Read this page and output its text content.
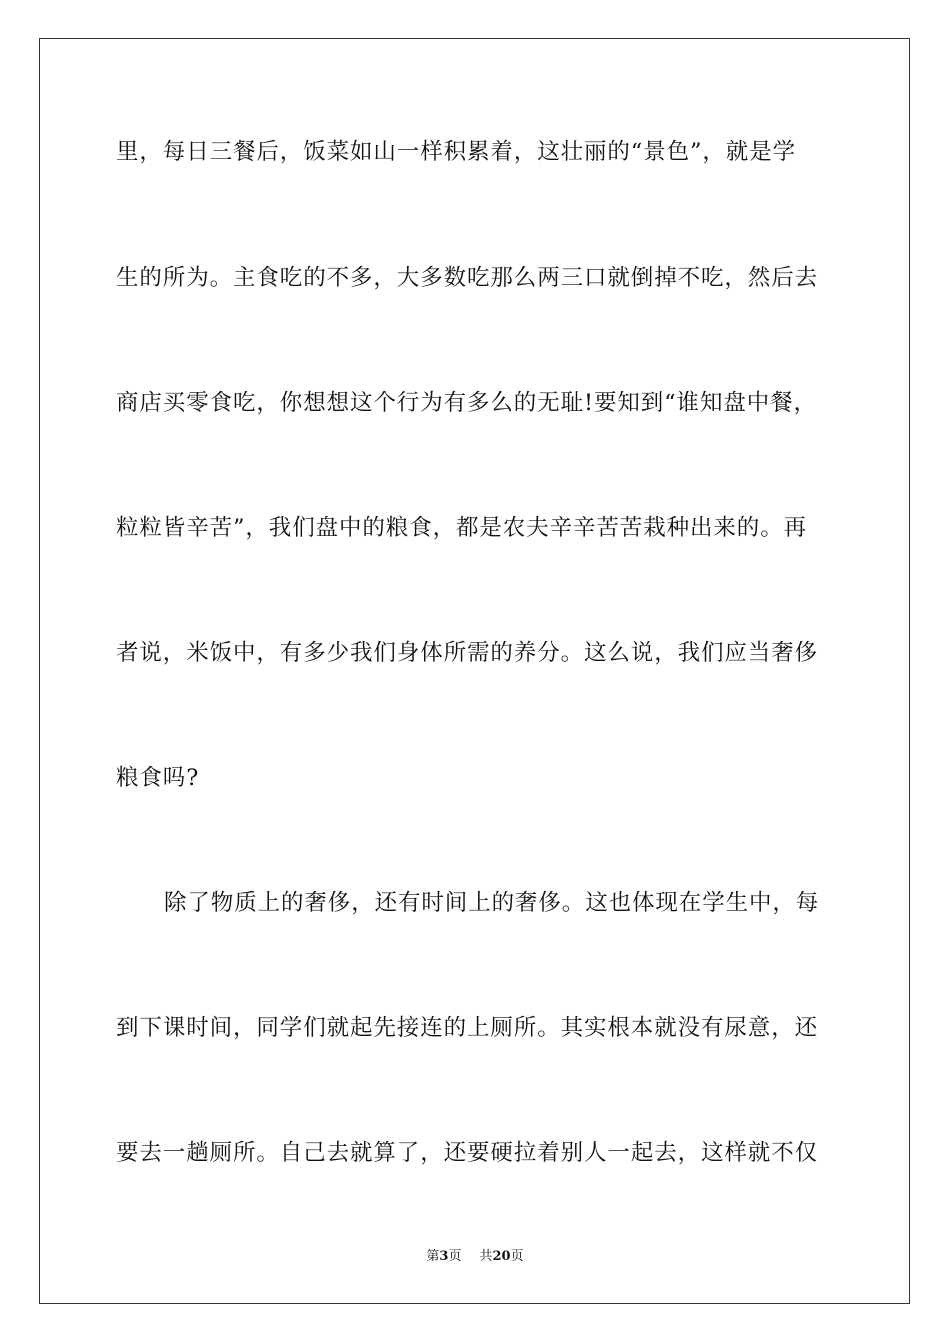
里，每日三餐后，饭菜如山一样积累着，这壮丽的“景色”，就是学
生的所为。主食吃的不多，大多数吃那么两三口就倒掉不吃，然后去
商店买零食吃，你想想这个行为有多么的无耻!要知到“谁知盘中餐，
粒粒皆辛苦”，我们盘中的粮食，都是农夫辛辛苦苦栽种出来的。再
者说，米饭中，有多少我们身体所需的养分。这么说，我们应当奢侈
粮食吗?
除了物质上的奢侈，还有时间上的奢侈。这也体现在学生中，每
到下课时间，同学们就起先接连的上厕所。其实根本就没有尿意，还
要去一趟厕所。自己去就算了，还要硬拉着别人一起去，这样就不仅
第3页 共20页
